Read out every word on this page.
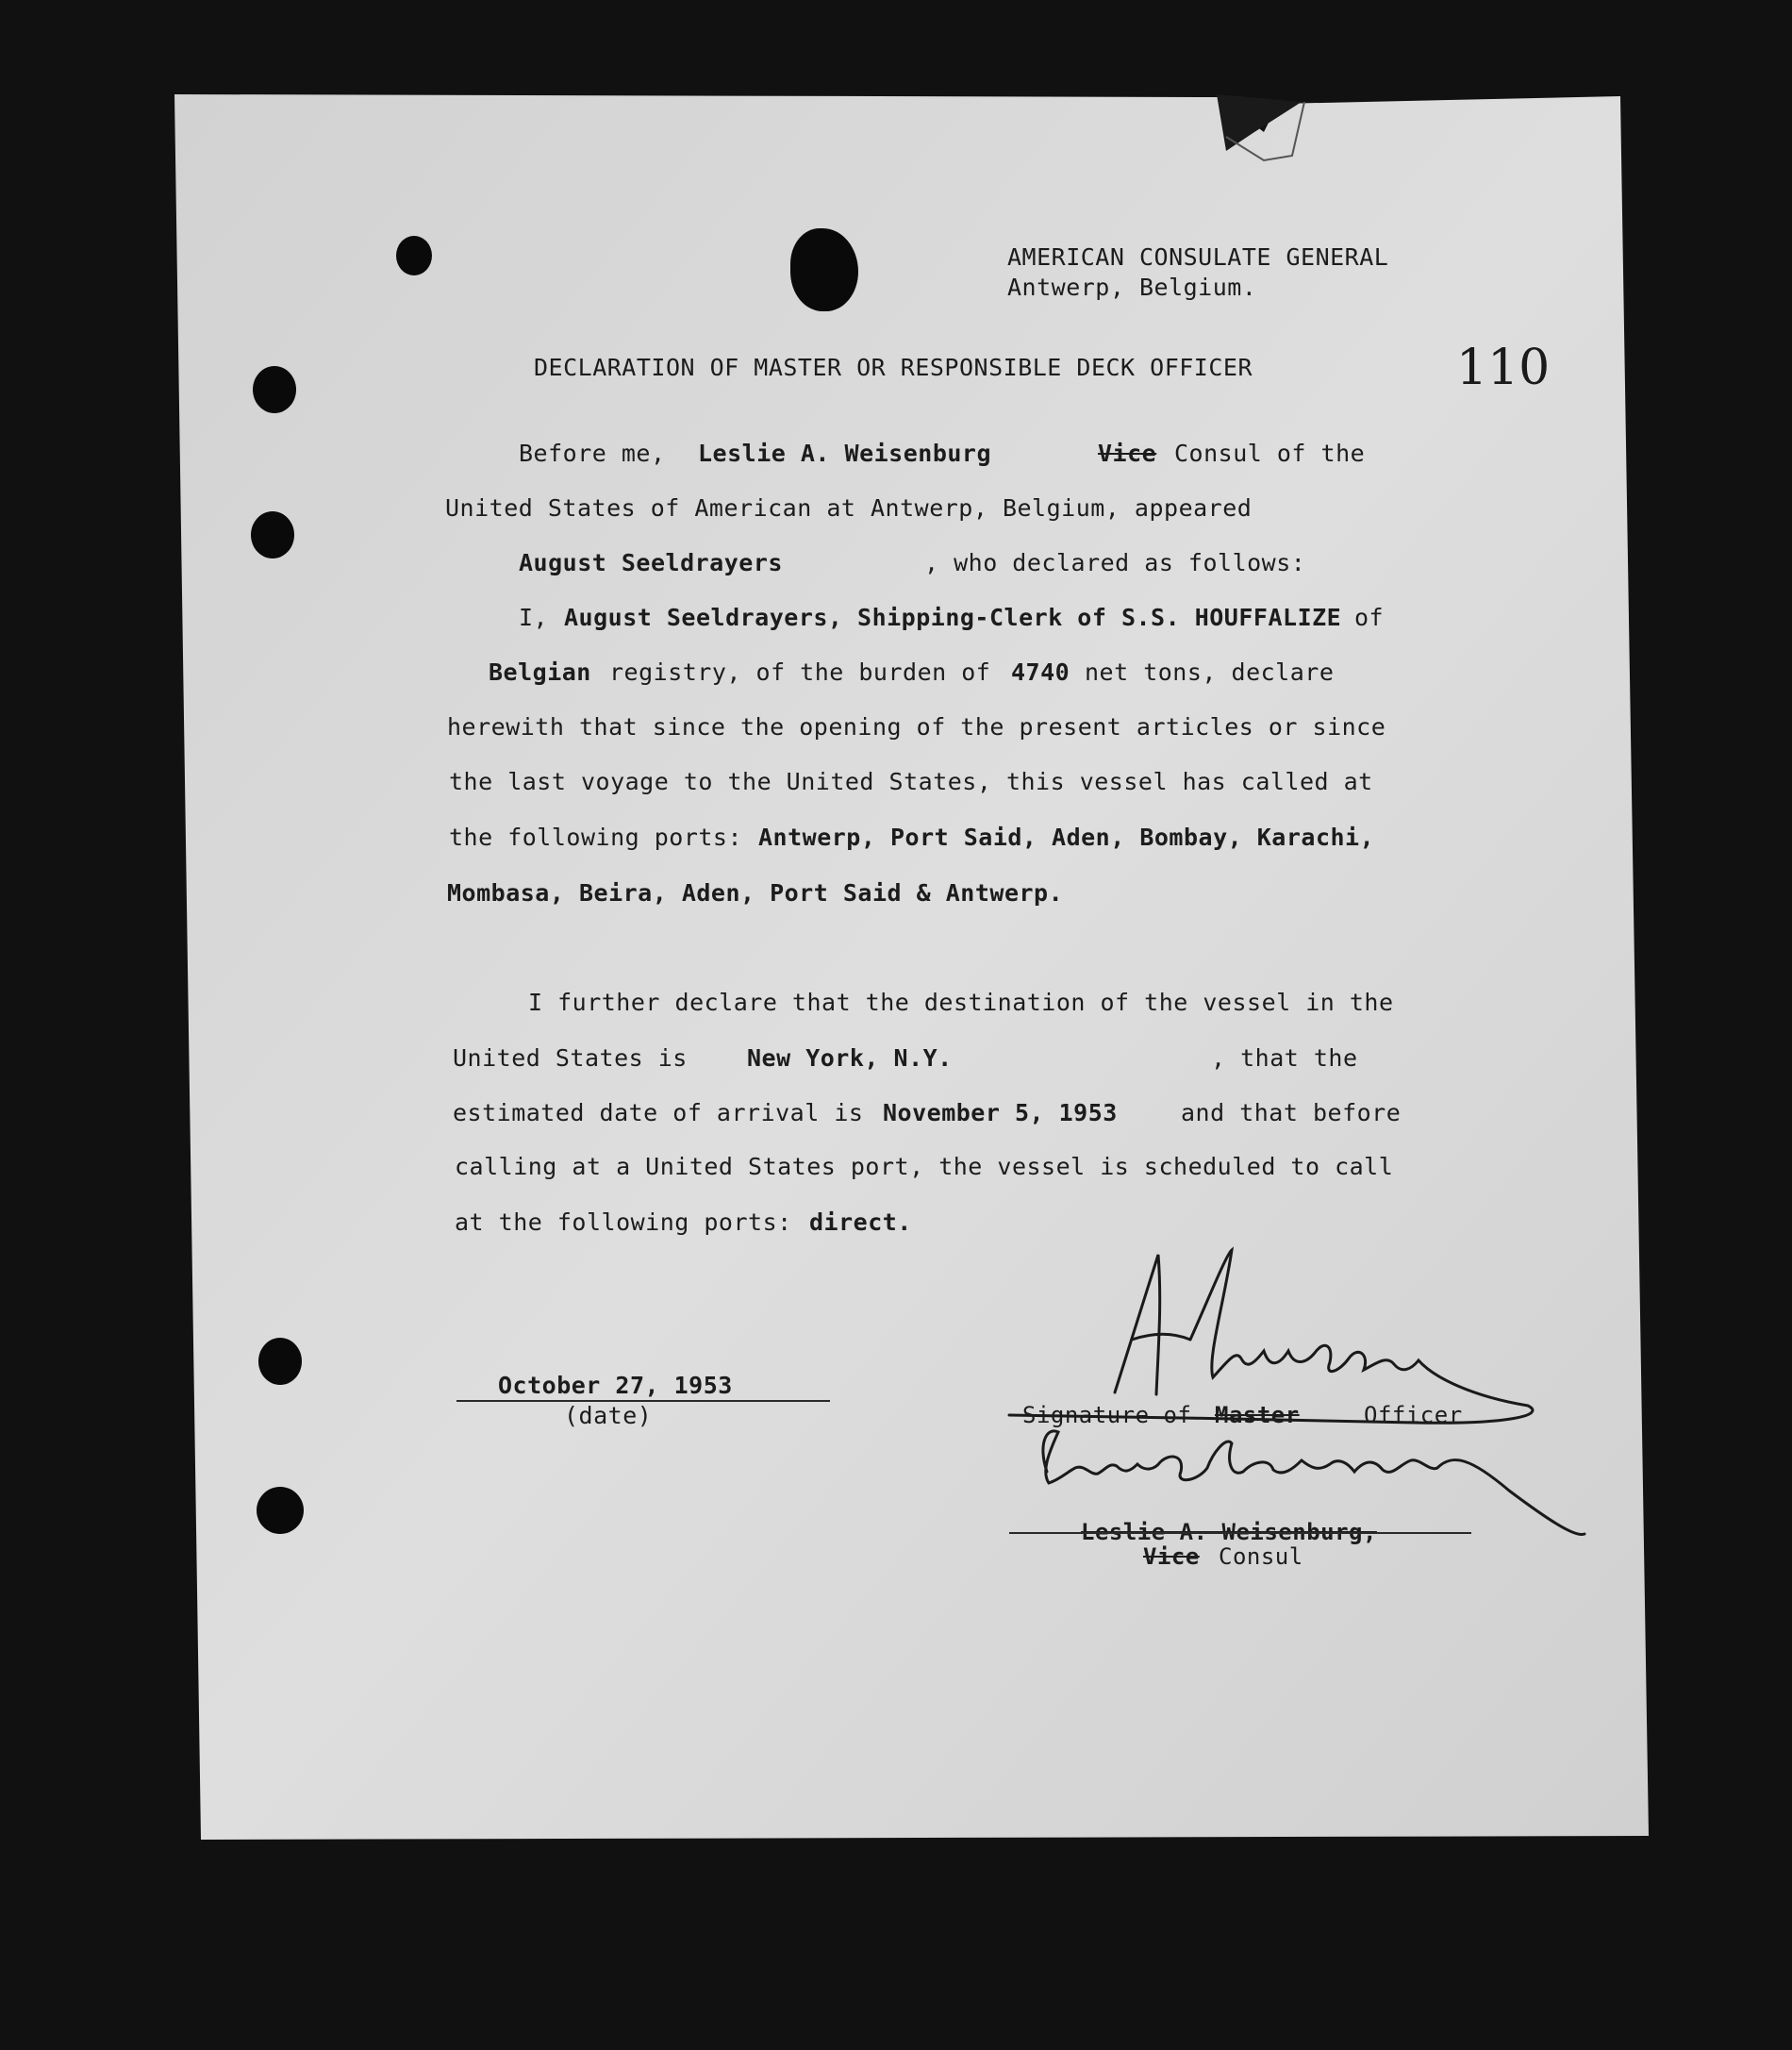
AMERICAN CONSULATE GENERAL
Antwerp, Belgium.
DECLARATION OF MASTER OR RESPONSIBLE DECK OFFICER	110
Before me, Leslie A. Weisenburg	Vice Consul of the
United States of American at Antwerp, Belgium, appeared
August Seeldrayers	, who declared as follows:
I, August Seeldrayers, Shipping-Clerk of S.S. HOUFFALIZE of
Belgian registry, of the burden of 4740 net tons, declare
herewith that since the opening of the present articles or since
the last voyage to the United States, this vessel has called at
the following ports: Antwerp, Port Said, Aden, Bombay, Karachi,
Mombasa, Beira, Aden, Port Said & Antwerp.
I further declare that the destination of the vessel in the
United States is	New York, N.Y.	, that the
estimated date of arrival is November 5, 1953	and that before
calling at a United States port, the vessel is scheduled to call
at the following ports: direct.
October 27, 1953
(date)	Signature of Master	Officer
Leslie A. Weisenburg,
Vice Consul
